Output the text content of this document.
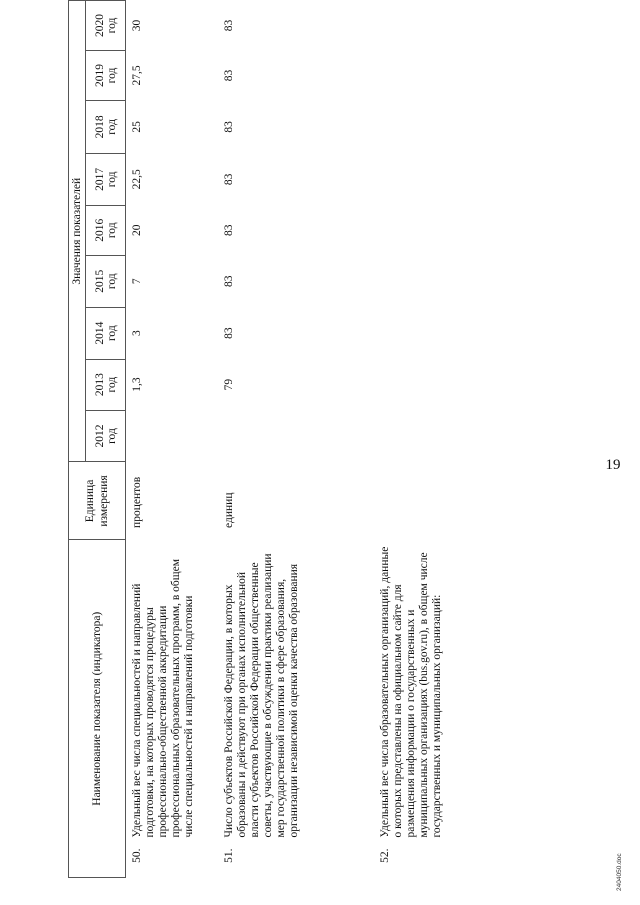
19
2404050.doc
Наименование показателя (индикатора)		Единица измерения	Значения показателей								

			2012 год	2013 год	2014 год	2015 год	2016 год	2017 год	2018 год	2019 год	2020 год

50.	Удельный вес числа специальностей и направлений подготовки, на которых проводятся процедуры профессионально-общественной аккредитации профессиональных образовательных программ, в общем числе специальностей и направлений подготовки	процентов		1,3	3	7	20	22,5	25	27,5	30
51.	Число субъектов Российской Федерации, в которых образованы и действуют при органах исполнительной власти субъектов Российской Федерации общественные советы, участвующие в обсуждении практики реализации мер государственной политики в сфере образования, организации независимой оценки качества образования	единиц		79	83	83	83	83	83	83	83
52.	Удельный вес числа образовательных организаций, данные о которых представлены на официальном сайте для размещения информации о государственных и муниципальных организациях (bus.gov.ru), в общем числе государственных и муниципальных организаций:										
